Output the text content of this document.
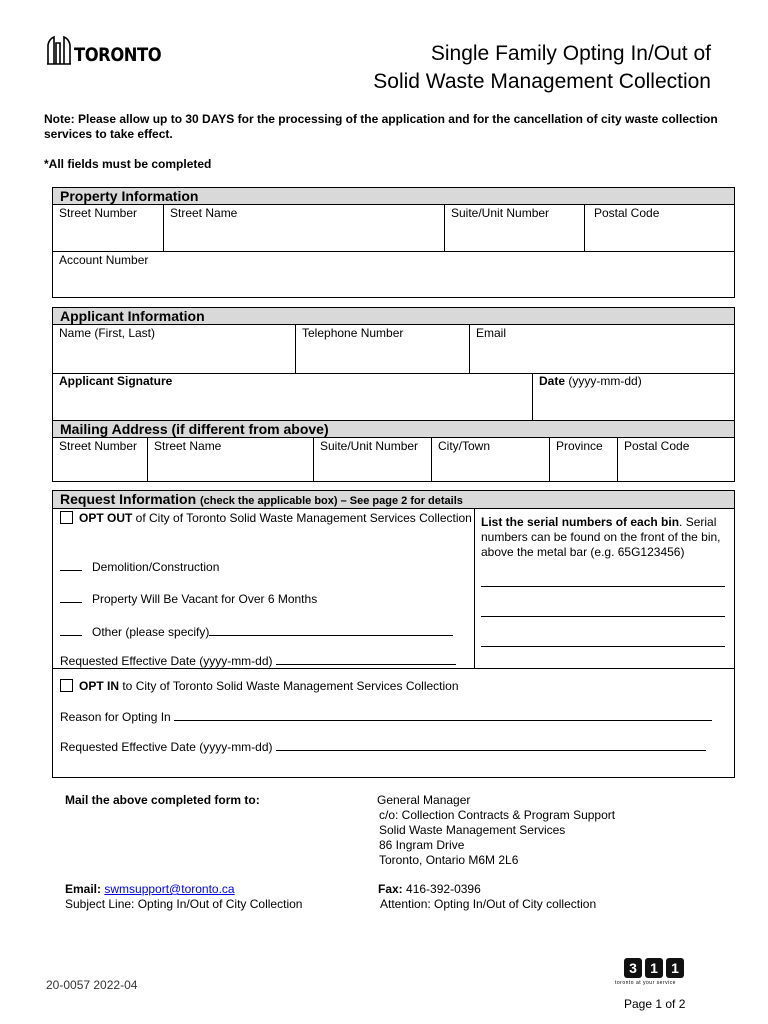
TORONTO	Single Family Opting In/Out of
Solid Waste Management Collection
Note: Please allow up to 30 DAYS for the processing of the application and for the cancellation of city waste collection services to take effect.
*All fields must be completed
Property Information
Street Number	Street Name	Suite/Unit Number	Postal Code
Account Number
Applicant Information
Name (First, Last)	Telephone Number	Email
Applicant Signature	Date (yyyy-mm-dd)
Mailing Address (if different from above)
Street Number	Street Name	Suite/Unit Number	City/Town	Province	Postal Code
Request Information (check the applicable box) – See page 2 for details
OPT OUT of City of Toronto Solid Waste Management Services Collection
Demolition/Construction
Property Will Be Vacant for Over 6 Months
Other (please specify)
Requested Effective Date (yyyy-mm-dd)
List the serial numbers of each bin. Serial numbers can be found on the front of the bin, above the metal bar (e.g. 65G123456)
OPT IN to City of Toronto Solid Waste Management Services Collection
Reason for Opting In
Requested Effective Date (yyyy-mm-dd)
Mail the above completed form to:	General Manager
c/o: Collection Contracts & Program Support
Solid Waste Management Services
86 Ingram Drive
Toronto, Ontario M6M 2L6
Email: swmsupport@toronto.ca
Subject Line: Opting In/Out of City Collection
Fax: 416-392-0396
Attention: Opting In/Out of City collection
20-0057 2022-04
3 1 1
toronto at your service
Page 1 of 2
